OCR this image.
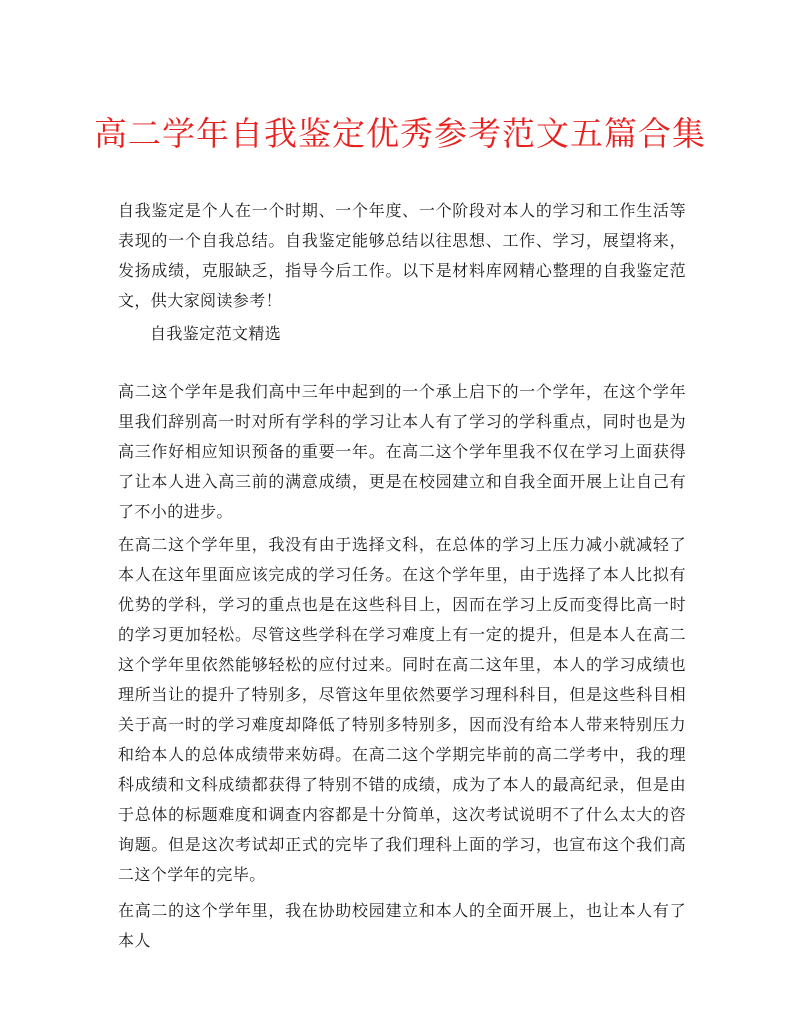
高二学年自我鉴定优秀参考范文五篇合集

自我鉴定是个人在一个时期、一个年度、一个阶段对本人的学习和工作生活等表现的一个自我总结。自我鉴定能够总结以往思想、工作、学习，展望将来，发扬成绩，克服缺乏，指导今后工作。以下是材料库网精心整理的自我鉴定范文，供大家阅读参考！

自我鉴定范文精选

高二这个学年是我们高中三年中起到的一个承上启下的一个学年，在这个学年里我们辞别高一时对所有学科的学习让本人有了学习的学科重点，同时也是为高三作好相应知识预备的重要一年。在高二这个学年里我不仅在学习上面获得了让本人进入高三前的满意成绩，更是在校园建立和自我全面开展上让自己有了不小的进步。

在高二这个学年里，我没有由于选择文科，在总体的学习上压力减小就减轻了本人在这年里面应该完成的学习任务。在这个学年里，由于选择了本人比拟有优势的学科，学习的重点也是在这些科目上，因而在学习上反而变得比高一时的学习更加轻松。尽管这些学科在学习难度上有一定的提升，但是本人在高二这个学年里依然能够轻松的应付过来。同时在高二这年里，本人的学习成绩也理所当让的提升了特别多，尽管这年里依然要学习理科科目，但是这些科目相关于高一时的学习难度却降低了特别多特别多，因而没有给本人带来特别压力和给本人的总体成绩带来妨碍。在高二这个学期完毕前的高二学考中，我的理科成绩和文科成绩都获得了特别不错的成绩，成为了本人的最高纪录，但是由于总体的标题难度和调查内容都是十分简单，这次考试说明不了什么太大的咨询题。但是这次考试却正式的完毕了我们理科上面的学习，也宣布这个我们高二这个学年的完毕。

在高二的这个学年里，我在协助校园建立和本人的全面开展上，也让本人有了本人
